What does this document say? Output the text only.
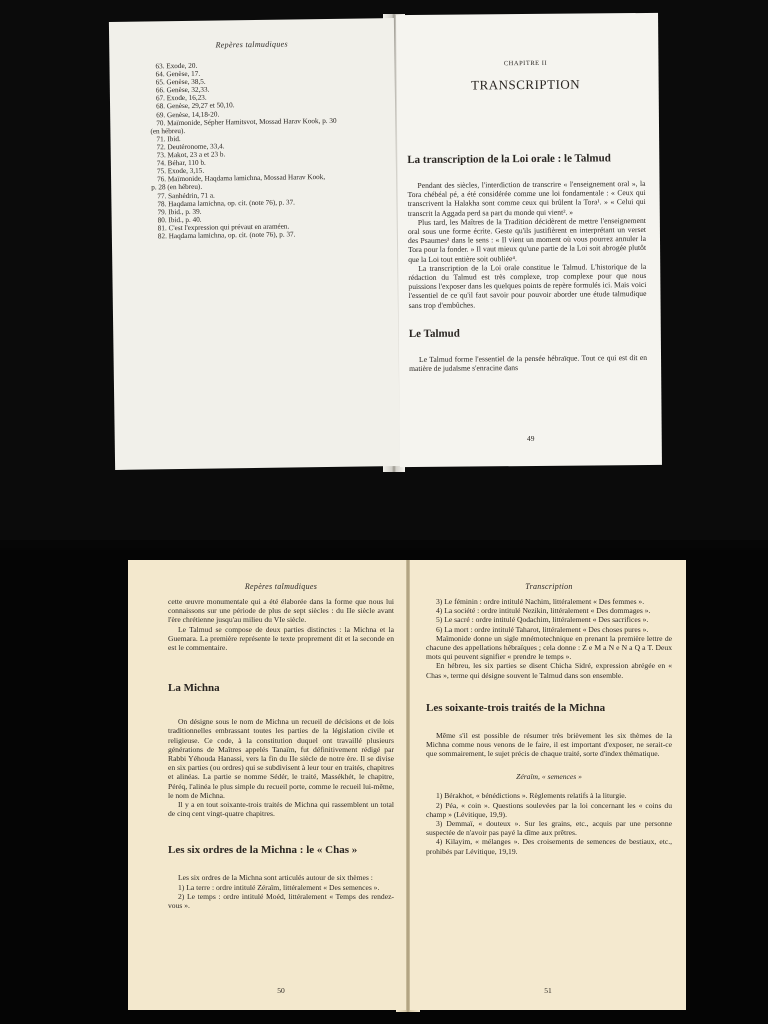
Repères talmudiques
63. Exode, 20.
64. Genèse, 17.
65. Genèse, 38,5.
66. Genèse, 32,33.
67. Exode, 16,23.
68. Genèse, 29,27 et 50,10.
69. Genèse, 14,18-20.
70. Maïmonide, Sépher Hamitsvot, Mossad Harav Kook, p. 30
(en hébreu).
71. Ibid.
72. Deutéronome, 33,4.
73. Makot, 23 a et 23 b.
74. Béhar, 110 b.
75. Exode, 3,15.
76. Maïmonide, Haqdama lamichna, Mossad Harav Kook,
p. 28 (en hébreu).
77. Sanhédrin, 71 a.
78. Haqdama lamichna, op. cit. (note 76), p. 37.
79. Ibid., p. 39.
80. Ibid., p. 40.
81. C'est l'expression qui prévaut en araméen.
82. Haqdama lamichna, op. cit. (note 76), p. 37.
CHAPITRE II
TRANSCRIPTION
La transcription de la Loi orale : le Talmud

Pendant des siècles, l'interdiction de transcrire « l'enseignement oral », la Tora chébéal pé, a été considérée comme une loi fondamentale : « Ceux qui transcrivent la Halakha sont comme ceux qui brûlent la Tora¹. » « Celui qui transcrit la Aggada perd sa part du monde qui vient². »

Plus tard, les Maîtres de la Tradition décidèrent de mettre l'enseignement oral sous une forme écrite. Geste qu'ils justifièrent en interprétant un verset des Psaumes³ dans le sens : « Il vient un moment où vous pourrez annuler la Tora pour la fonder. » Il vaut mieux qu'une partie de la Loi soit abrogée plutôt que la Loi tout entière soit oubliée⁴.

La transcription de la Loi orale constitue le Talmud. L'historique de la rédaction du Talmud est très complexe, trop complexe pour que nous puissions l'exposer dans les quelques points de repère formulés ici. Mais voici l'essentiel de ce qu'il faut savoir pour pouvoir aborder une étude talmudique sans trop d'embûches.

Le Talmud

Le Talmud forme l'essentiel de la pensée hébraïque. Tout ce qui est dit en matière de judaïsme s'enracine dans

49
Repères talmudiques

cette œuvre monumentale qui a été élaborée dans la forme que nous lui connaissons sur une période de plus de sept siècles : du IIe siècle avant l'ère chrétienne jusqu'au milieu du VIe siècle.

Le Talmud se compose de deux parties distinctes : la Michna et la Guemara. La première représente le texte proprement dit et la seconde en est le commentaire.

La Michna

On désigne sous le nom de Michna un recueil de décisions et de lois traditionnelles embrassant toutes les parties de la législation civile et religieuse. Ce code, à la constitution duquel ont travaillé plusieurs générations de Maîtres appelés Tanaïm, fut définitivement rédigé par Rabbi Yéhouda Hanassi, vers la fin du IIe siècle de notre ère. Il se divise en six parties (ou ordres) qui se subdivisent à leur tour en traités, chapitres et alinéas. La partie se nomme Sédér, le traité, Massékhét, le chapitre, Péréq, l'alinéa le plus simple du recueil porte, comme le recueil lui-même, le nom de Michna.

Il y a en tout soixante-trois traités de Michna qui rassemblent un total de cinq cent vingt-quatre chapitres.

Les six ordres de la Michna : le « Chas »

Les six ordres de la Michna sont articulés autour de six thèmes :

1) La terre : ordre intitulé Zéraïm, littéralement « Des semences ».

2) Le temps : ordre intitulé Moéd, littéralement « Temps des rendez-vous ».

50
Transcription

3) Le féminin : ordre intitulé Nachim, littéralement « Des femmes ».

4) La société : ordre intitulé Nezikin, littéralement « Des dommages ».

5) Le sacré : ordre intitulé Qodachim, littéralement « Des sacrifices ».

6) La mort : ordre intitulé Taharot, littéralement « Des choses pures ».

Maïmonide donne un sigle mnémotechnique en prenant la première lettre de chacune des appellations hébraïques ; cela donne : Z e M a N e N a Q a T. Deux mots qui peuvent signifier « prendre le temps ».

En hébreu, les six parties se disent Chicha Sidré, expression abrégée en « Chas », terme qui désigne souvent le Talmud dans son ensemble.

Les soixante-trois traités de la Michna

Même s'il est possible de résumer très brièvement les six thèmes de la Michna comme nous venons de le faire, il est important d'exposer, ne serait-ce que sommairement, le sujet précis de chaque traité, sorte d'index thématique.

Zéraïm, « semences »

1) Bérakhot, « bénédictions ». Règlements relatifs à la liturgie.

2) Péa, « coin ». Questions soulevées par la loi concernant les « coins du champ » (Lévitique, 19,9).

3) Demmaï, « douteux ». Sur les grains, etc., acquis par une personne suspectée de n'avoir pas payé la dîme aux prêtres.

4) Kilayim, « mélanges ». Des croisements de semences de bestiaux, etc., prohibés par Lévitique, 19,19.

51
